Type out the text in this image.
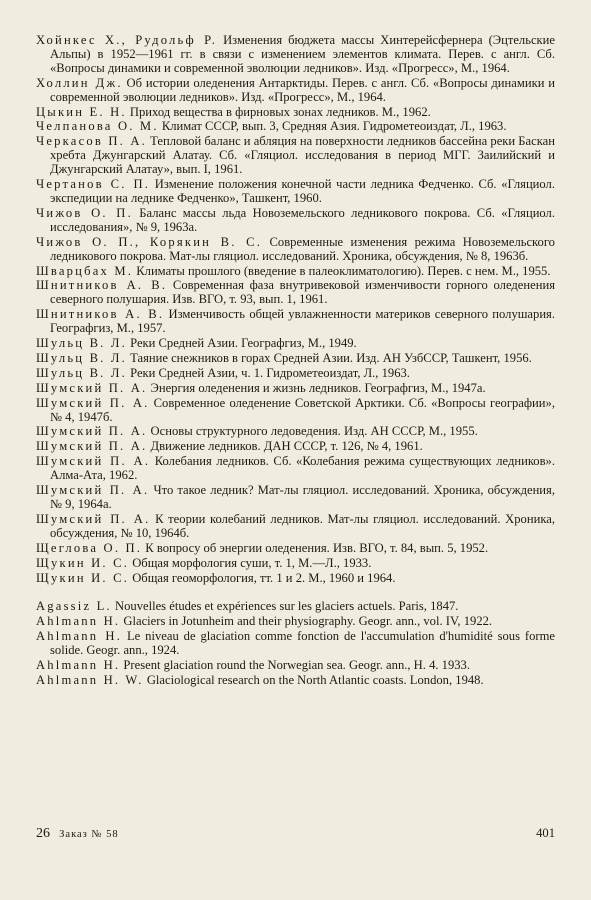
Хойнкес Х., Рудольф Р. Изменения бюджета массы Хинтерейсфернера (Эцтельские Альпы) в 1952—1961 гг. в связи с изменением элементов климата. Перев. с англ. Сб. «Вопросы динамики и современной эволюции ледников». Изд. «Прогресс», М., 1964.

Холлин Дж. Об истории оледенения Антарктиды. Перев. с англ. Сб. «Вопросы динамики и современной эволюции ледников». Изд. «Прогресс», М., 1964.

Цыкин Е. Н. Приход вещества в фирновых зонах ледников. М., 1962.

Челпанова О. М. Климат СССР, вып. 3, Средняя Азия. Гидрометеоиздат, Л., 1963.

Черкасов П. А. Тепловой баланс и абляция на поверхности ледников бассейна реки Баскан хребта Джунгарский Алатау. Сб. «Гляциол. исследования в период МГГ. Заилийский и Джунгарский Алатау», вып. I, 1961.

Чертанов С. П. Изменение положения конечной части ледника Федченко. Сб. «Гляциол. экспедиции на леднике Федченко», Ташкент, 1960.

Чижов О. П. Баланс массы льда Новоземельского ледникового покрова. Сб. «Гляциол. исследования», № 9, 1963а.

Чижов О. П., Корякин В. С. Современные изменения режима Новоземельского ледникового покрова. Мат-лы гляциол. исследований. Хроника, обсуждения, № 8, 1963б.

Шварцбах М. Климаты прошлого (введение в палеоклиматологию). Перев. с нем. М., 1955.

Шнитников А. В. Современная фаза внутривековой изменчивости горного оледенения северного полушария. Изв. ВГО, т. 93, вып. 1, 1961.

Шнитников А. В. Изменчивость общей увлажненности материков северного полушария. Географгиз, М., 1957.

Шульц В. Л. Реки Средней Азии. Географгиз, М., 1949.

Шульц В. Л. Таяние снежников в горах Средней Азии. Изд. АН УзбССР, Ташкент, 1956.

Шульц В. Л. Реки Средней Азии, ч. 1. Гидрометеоиздат, Л., 1963.

Шумский П. А. Энергия оледенения и жизнь ледников. Географгиз, М., 1947а.

Шумский П. А. Современное оледенение Советской Арктики. Сб. «Вопросы географии», № 4, 1947б.

Шумский П. А. Основы структурного ледоведения. Изд. АН СССР, М., 1955.

Шумский П. А. Движение ледников. ДАН СССР, т. 126, № 4, 1961.

Шумский П. А. Колебания ледников. Сб. «Колебания режима существующих ледников». Алма-Ата, 1962.

Шумский П. А. Что такое ледник? Мат-лы гляциол. исследований. Хроника, обсуждения, № 9, 1964а.

Шумский П. А. К теории колебаний ледников. Мат-лы гляциол. исследований. Хроника, обсуждения, № 10, 1964б.

Щеглова О. П. К вопросу об энергии оледенения. Изв. ВГО, т. 84, вып. 5, 1952.

Щукин И. С. Общая морфология суши, т. 1, М.—Л., 1933.

Щукин И. С. Общая геоморфология, тт. 1 и 2. М., 1960 и 1964.

Agassiz L. Nouvelles études et expériences sur les glaciers actuels. Paris, 1847.

Ahlmann H. Glaciers in Jotunheim and their physiography. Geogr. ann., vol. IV, 1922.

Ahlmann H. Le niveau de glaciation comme fonction de l'accumulation d'humidité sous forme solide. Geogr. ann., 1924.

Ahlmann H. Present glaciation round the Norwegian sea. Geogr. ann., H. 4. 1933.

Ahlmann H. W. Glaciological research on the North Atlantic coasts. London, 1948.

26 Заказ № 58	401
